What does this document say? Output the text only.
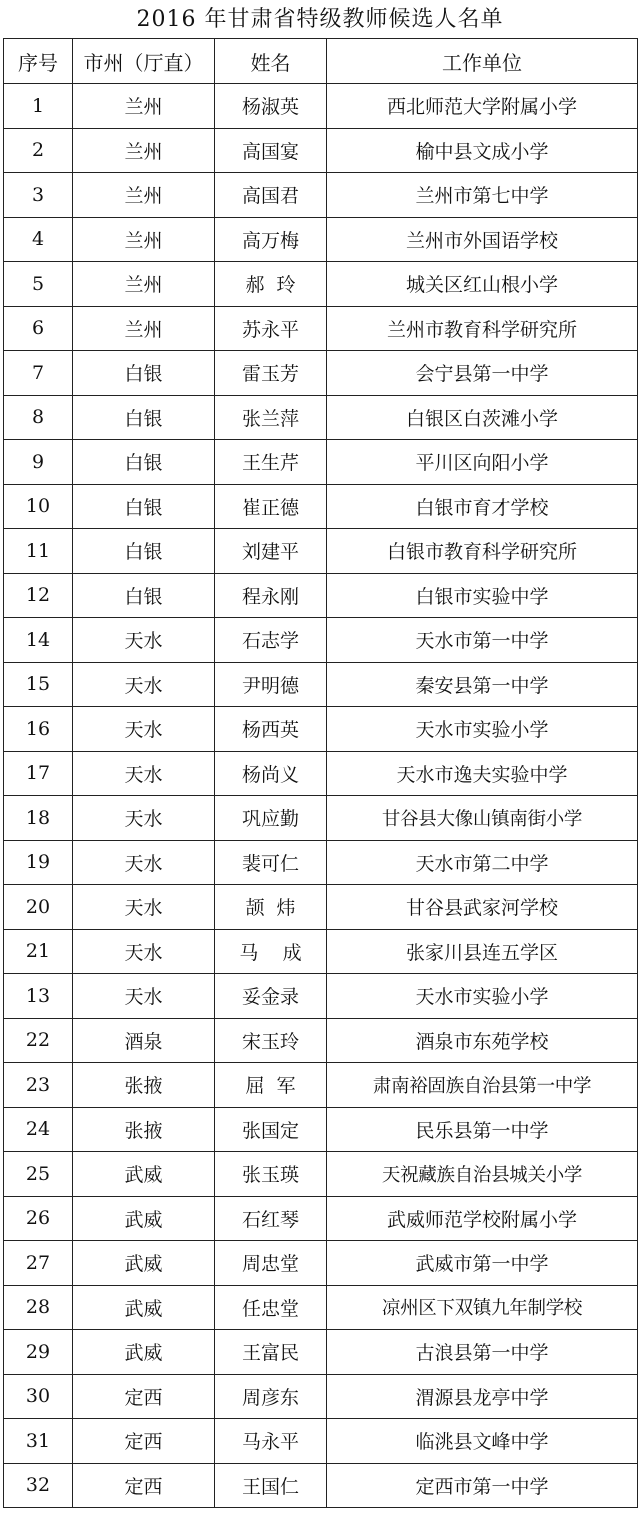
2016 年甘肃省特级教师候选人名单
序号	市州（厅直）	姓名	工作单位
1	兰州	杨淑英	西北师范大学附属小学
2	兰州	高国宴	榆中县文成小学
3	兰州	高国君	兰州市第七中学
4	兰州	高万梅	兰州市外国语学校
5	兰州	郝  玲	城关区红山根小学
6	兰州	苏永平	兰州市教育科学研究所
7	白银	雷玉芳	会宁县第一中学
8	白银	张兰萍	白银区白茨滩小学
9	白银	王生芹	平川区向阳小学
10	白银	崔正德	白银市育才学校
11	白银	刘建平	白银市教育科学研究所
12	白银	程永刚	白银市实验中学
14	天水	石志学	天水市第一中学
15	天水	尹明德	秦安县第一中学
16	天水	杨西英	天水市实验小学
17	天水	杨尚义	天水市逸夫实验中学
18	天水	巩应勤	甘谷县大像山镇南街小学
19	天水	裴可仁	天水市第二中学
20	天水	颉  炜	甘谷县武家河学校
21	天水	马    成	张家川县连五学区
13	天水	妥金录	天水市实验小学
22	酒泉	宋玉玲	酒泉市东苑学校
23	张掖	屈  军	肃南裕固族自治县第一中学
24	张掖	张国定	民乐县第一中学
25	武威	张玉瑛	天祝藏族自治县城关小学
26	武威	石红琴	武威师范学校附属小学
27	武威	周忠堂	武威市第一中学
28	武威	任忠堂	凉州区下双镇九年制学校
29	武威	王富民	古浪县第一中学
30	定西	周彦东	渭源县龙亭中学
31	定西	马永平	临洮县文峰中学
32	定西	王国仁	定西市第一中学
